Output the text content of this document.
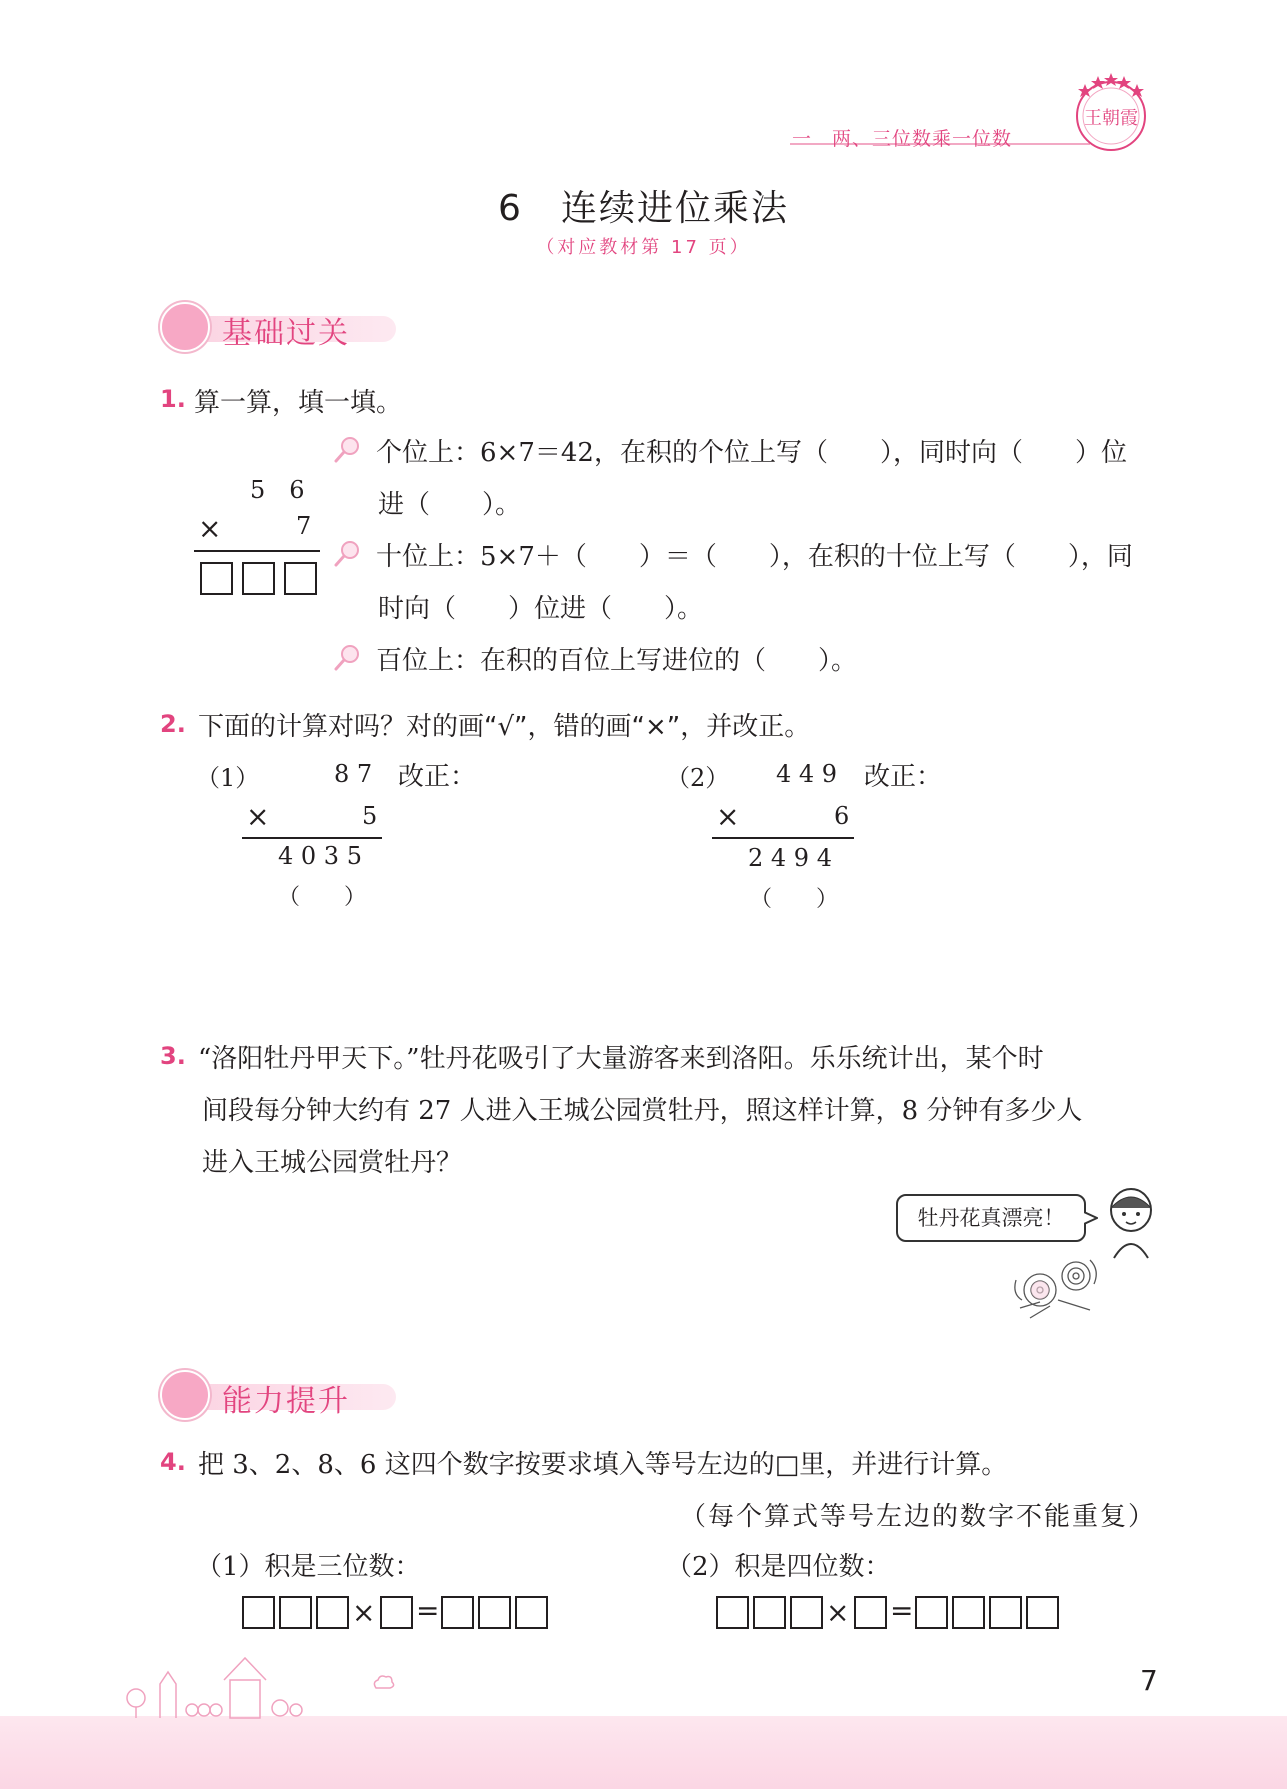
一　两、三位数乘一位数
王朝霞
6　连续进位乘法
（对应教材第 17 页）
基础过关
1. 算一算，填一填。
5　6
×	7
个位上：6×7＝42，在积的个位上写（　　），同时向（　　）位
进（　　）。
十位上：5×7＋（　　）＝（　　），在积的十位上写（　　），同
时向（　　）位进（　　）。
百位上：在积的百位上写进位的（　　）。
2. 下面的计算对吗？对的画“√”，错的画“×”，并改正。
（1）	8 7 改正：
×	5
4 0 3 5
（　　）
（2） 4 4 9 改正：
×	6
2 4 9 4
（　　）
3. “洛阳牡丹甲天下。”牡丹花吸引了大量游客来到洛阳。乐乐统计出，某个时
间段每分钟大约有 27 人进入王城公园赏牡丹，照这样计算，8 分钟有多少人
进入王城公园赏牡丹？
牡丹花真漂亮！
能力提升
4. 把 3、2、8、6 这四个数字按要求填入等号左边的□里，并进行计算。
（每个算式等号左边的数字不能重复）
（1）积是三位数：	（2）积是四位数：
× =	× =
7
